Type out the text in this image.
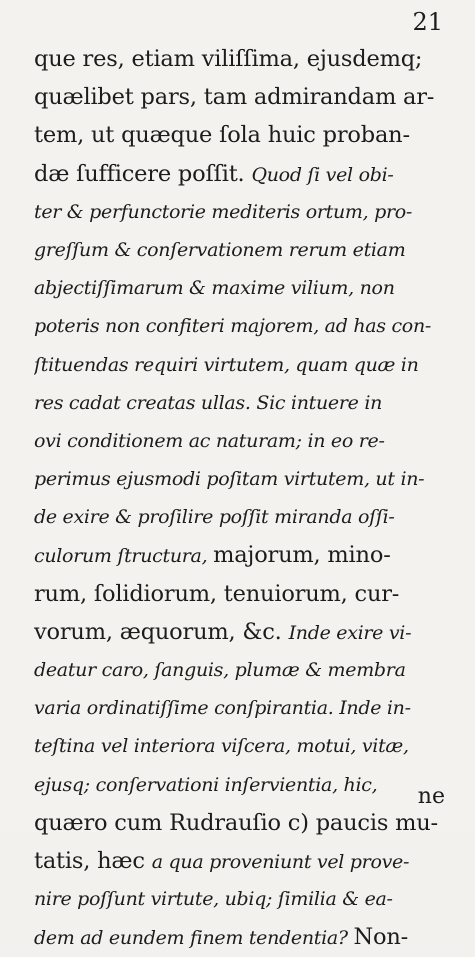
21
que res, etiam viliſſima, ejusdemq;
quælibet pars, tam admirandam ar-
tem, ut quæque ſola huic proban-
dæ ſufficere poſſit. Quod ſi vel obi-
ter & perfunctorie mediteris ortum, pro-
greſſum & conſervationem rerum etiam
abjectiſſimarum & maxime vilium, non
poteris non confiteri majorem, ad has con-
ſtituendas requiri virtutem, quam quæ in
res cadat creatas ullas. Sic intuere in
ovi conditionem ac naturam; in eo re-
perimus ejusmodi poſitam virtutem, ut in-
de exire & proſilire poſſit miranda oſſi-
culorum ſtructura, majorum, mino-
rum, ſolidiorum, tenuiorum, cur-
vorum, æquorum, &c. Inde exire vi-
deatur caro, ſanguis, plumæ & membra
varia ordinatiſſime conſpirantia. Inde in-
teſtina vel interiora viſcera, motui, vitæ,
ejusq; conſervationi inſervientia, hic,
quæro cum Rudrauſio c) paucis mu-
tatis, hæc a qua proveniunt vel prove-
nire poſſunt virtute, ubiq; ſimilia & ea-
dem ad eundem finem tendentia? Non-
ne
